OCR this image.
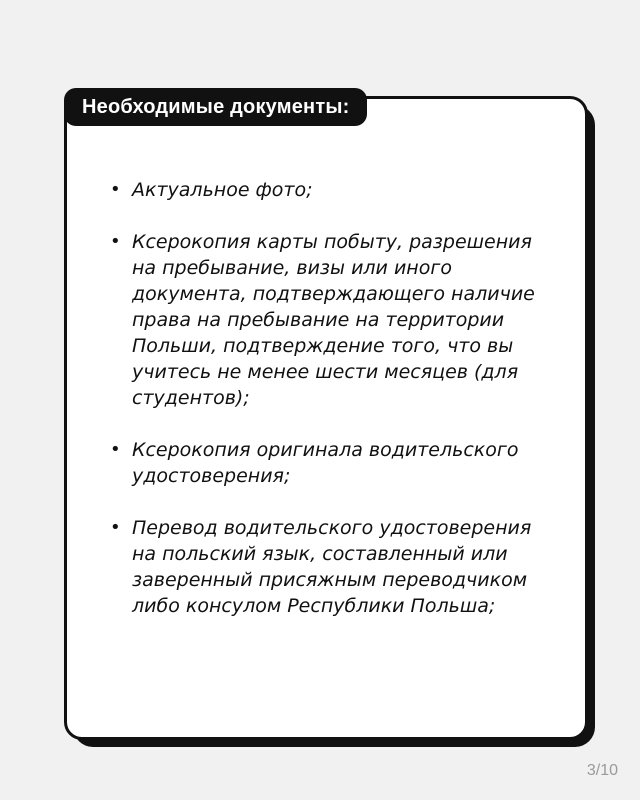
Необходимые документы:
• Актуальное фото;
• Ксерокопия карты побыту, разрешения на пребывание, визы или иного документа, подтверждающего наличие права на пребывание на территории Польши, подтверждение того, что вы учитесь не менее шести месяцев (для студентов);
• Ксерокопия оригинала водительского удостоверения;
• Перевод водительского удостоверения на польский язык, составленный или заверенный присяжным переводчиком либо консулом Республики Польша;
3/10
